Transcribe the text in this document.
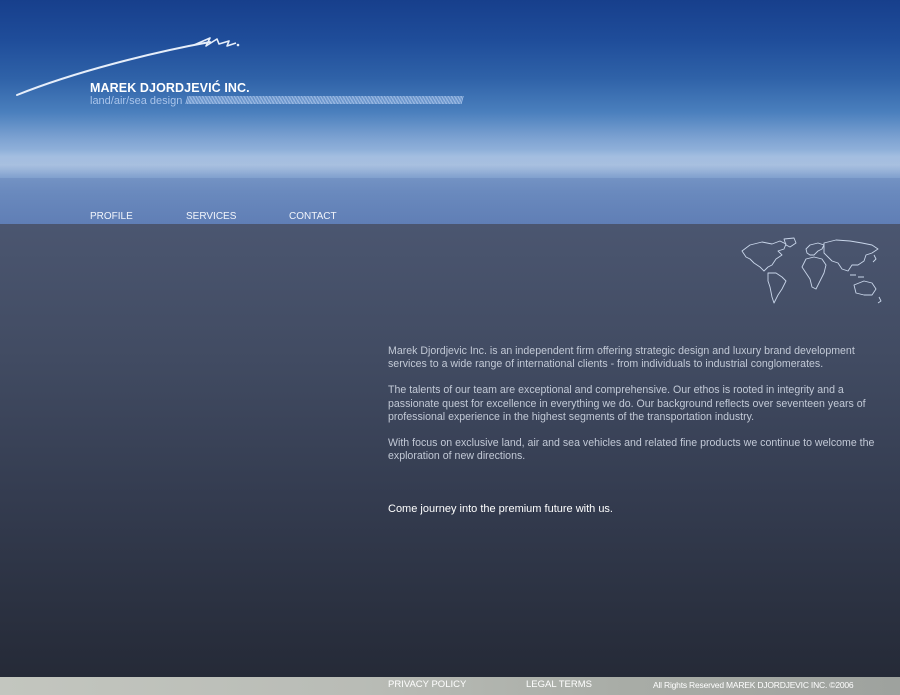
MAREK DJORDJEVIĆ INC.
land/air/sea design //////////////////////////////////////////////////////////////////////////////////////////////////////////////////////////////////////////////////////////////////////////////////////////////
PROFILE	SERVICES	CONTACT

Marek Djordjevic Inc. is an independent firm offering strategic design and luxury brand development services to a wide range of international clients - from individuals to industrial conglomerates.

The talents of our team are exceptional and comprehensive. Our ethos is rooted in integrity and a passionate quest for excellence in everything we do. Our background reflects over seventeen years of professional experience in the highest segments of the transportation industry.

With focus on exclusive land, air and sea vehicles and related fine products we continue to welcome the exploration of new directions.

Come journey into the premium future with us.

PRIVACY POLICY	LEGAL TERMS	All Rights Reserved MAREK DJORDJEVIC INC. ©2006
